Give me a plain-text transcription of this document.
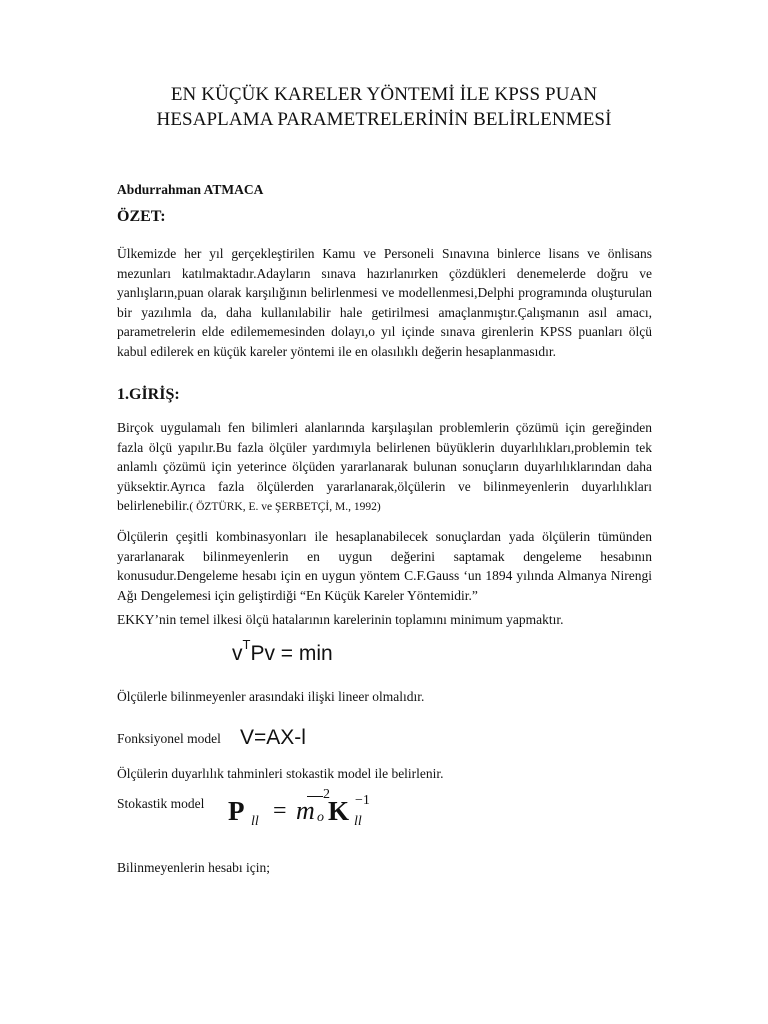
EN KÜÇÜK KARELER YÖNTEMİ İLE KPSS PUAN
HESAPLAMA PARAMETRELERİNİN BELİRLENMESİ
Abdurrahman ATMACA
ÖZET:
Ülkemizde her yıl gerçekleştirilen Kamu ve Personeli Sınavına binlerce lisans ve önlisans mezunları katılmaktadır.Adayların sınava hazırlanırken çözdükleri denemelerde doğru ve yanlışların,puan olarak karşılığının belirlenmesi ve modellenmesi,Delphi programında oluşturulan bir yazılımla da, daha kullanılabilir hale getirilmesi amaçlanmıştır.Çalışmanın asıl amacı, parametrelerin elde edilememesinden dolayı,o yıl içinde sınava girenlerin KPSS puanları ölçü kabul edilerek en küçük kareler yöntemi ile en olasılıklı değerin hesaplanmasıdır.
1.GİRİŞ:
Birçok uygulamalı fen bilimleri alanlarında karşılaşılan problemlerin çözümü için gereğinden fazla ölçü yapılır.Bu fazla ölçüler yardımıyla belirlenen büyüklerin duyarlılıkları,problemin tek anlamlı çözümü için yeterince ölçüden yararlanarak bulunan sonuçların duyarlılıklarından daha yüksektir.Ayrıca fazla ölçülerden yararlanarak,ölçülerin ve bilinmeyenlerin duyarlılıkları belirlenebilir.( ÖZTÜRK, E. ve ŞERBETÇİ, M., 1992)
Ölçülerin çeşitli kombinasyonları ile hesaplanabilecek sonuçlardan yada ölçülerin tümünden yararlanarak bilinmeyenlerin en uygun değerini saptamak dengeleme hesabının konusudur.Dengeleme hesabı için en uygun yöntem C.F.Gauss ‘un 1894 yılında Almanya Nirengi Ağı Dengelemesi için geliştirdiği “En Küçük Kareler Yöntemidir.”
EKKY’nin temel ilkesi ölçü hatalarının karelerinin toplamını minimum yapmaktır.
$v^TPv = \min$
Ölçülerle bilinmeyenler arasındaki ilişki lineer olmalıdır.
Fonksiyonel model V=AX-l
Ölçülerin duyarlılık tahminleri stokastik model ile belirlenir.
Stokastik model P ll = m o
2
K ll
−1
Bilinmeyenlerin hesabı için;
